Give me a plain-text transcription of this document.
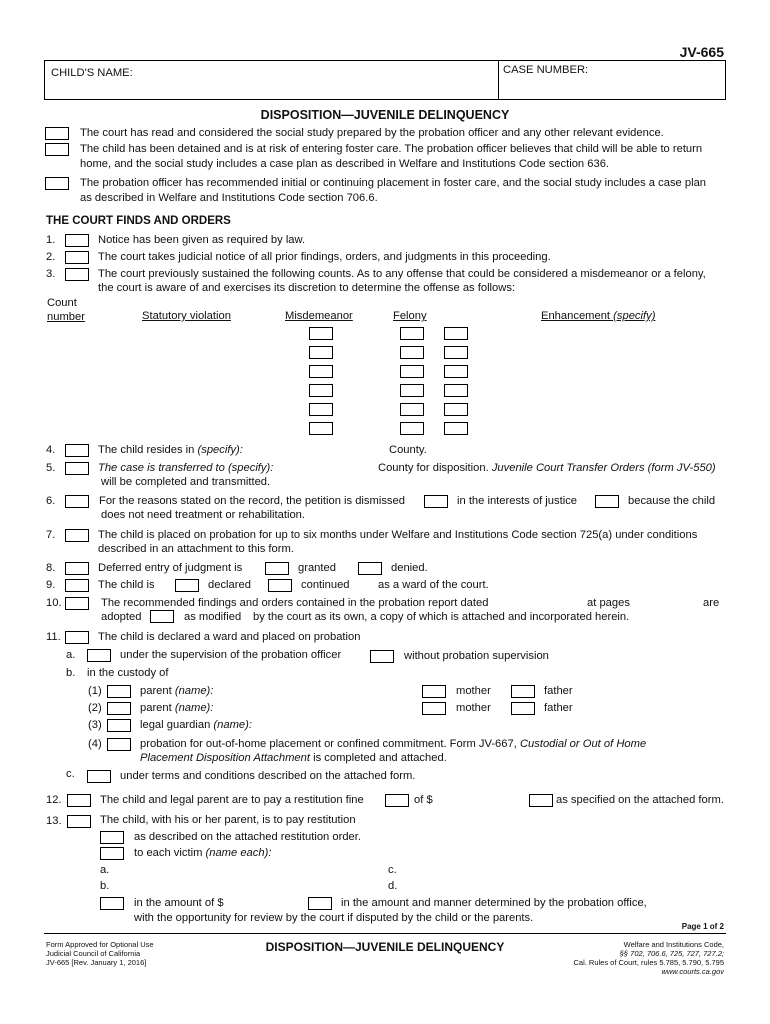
JV-665
CHILD'S NAME:	CASE NUMBER:
DISPOSITION—JUVENILE DELINQUENCY
The court has read and considered the social study prepared by the probation officer and any other relevant evidence.
The child has been detained and is at risk of entering foster care. The probation officer believes that child will be able to return
home, and the social study includes a case plan as described in Welfare and Institutions Code section 636.
The probation officer has recommended initial or continuing placement in foster care, and the social study includes a case plan
as described in Welfare and Institutions Code section 706.6.
THE COURT FINDS AND ORDERS
1.	Notice has been given as required by law.
2.	The court takes judicial notice of all prior findings, orders, and judgments in this proceeding.
3.	The court previously sustained the following counts. As to any offense that could be considered a misdemeanor or a felony,
the court is aware of and exercises its discretion to determine the offense as follows:
Count
number	Statutory violation	Misdemeanor	Felony	Enhancement (specify)
4.	The child resides in (specify):	County.
5.	The case is transferred to (specify):	County for disposition. Juvenile Court Transfer Orders (form JV-550)
will be completed and transmitted.
6.	For the reasons stated on the record, the petition is dismissed	in the interests of justice	because the child
does not need treatment or rehabilitation.
7.	The child is placed on probation for up to six months under Welfare and Institutions Code section 725(a) under conditions
described in an attachment to this form.
8.	Deferred entry of judgment is	granted	denied.
9.	The child is	declared	continued	as a ward of the court.
10.	The recommended findings and orders contained in the probation report dated	at pages	are
adopted	as modified by the court as its own, a copy of which is attached and incorporated herein.
11.	The child is declared a ward and placed on probation
a.	under the supervision of the probation officer	without probation supervision
b. in the custody of
(1)	parent (name):	mother	father
(2)	parent (name):	mother	father
(3)	legal guardian (name):
(4)	probation for out-of-home placement or confined commitment. Form JV-667, Custodial or Out of Home
Placement Disposition Attachment is completed and attached.
c.	under terms and conditions described on the attached form.
12.	The child and legal parent are to pay a restitution fine	of $	as specified on the attached form.
13.	The child, with his or her parent, is to pay restitution
as described on the attached restitution order.
to each victim (name each):
a.	c.
b.	d.
in the amount of $	in the amount and manner determined by the probation office,
with the opportunity for review by the court if disputed by the child or the parents.
Page 1 of 2
Form Approved for Optional Use
Judicial Council of California
JV-665 [Rev. January 1, 2016]
DISPOSITION—JUVENILE DELINQUENCY	Welfare and Institutions Code,
§§ 702, 706.6, 725, 727, 727.2;
Cal. Rules of Court, rules 5.785, 5.790, 5.795
www.courts.ca.gov
